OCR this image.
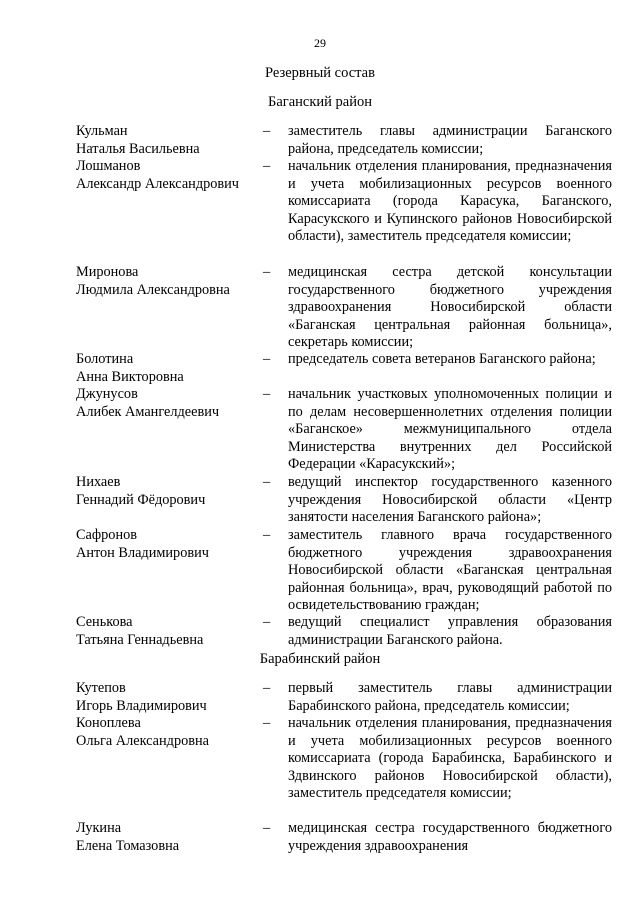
29
Резервный состав
Баганский район
Кульман
Наталья Васильевна
–	заместитель главы администрации Баганского района, председатель комиссии;

Лошманов
Александр Александрович
–	начальник отделения планирования, предназначения и учета мобилизационных ресурсов военного комиссариата (города Карасука, Баганского, Карасукского и Купинского районов Новосибирской области), заместитель председателя комиссии;

Миронова
Людмила Александровна
–	медицинская сестра детской консультации государственного бюджетного учреждения здравоохранения Новосибирской области «Баганская центральная районная больница», секретарь комиссии;

Болотина
Анна Викторовна
–	председатель совета ветеранов Баганского района;

Джунусов
Алибек Амангелдеевич
–	начальник участковых уполномоченных полиции и по делам несовершеннолетних отделения полиции «Баганское» межмуниципального отдела Министерства внутренних дел Российской Федерации «Карасукский»;

Нихаев
Геннадий Фёдорович
–	ведущий инспектор государственного казенного учреждения Новосибирской области «Центр занятости населения Баганского района»;

Сафронов
Антон Владимирович
–	заместитель главного врача государственного бюджетного учреждения здравоохранения Новосибирской области «Баганская центральная районная больница», врач, руководящий работой по освидетельствованию граждан;

Сенькова
Татьяна Геннадьевна
–	ведущий специалист управления образования администрации Баганского района.

Барабинский район
Кутепов
Игорь Владимирович
–	первый заместитель главы администрации Барабинского района, председатель комиссии;

Коноплева
Ольга Александровна
–	начальник отделения планирования, предназначения и учета мобилизационных ресурсов военного комиссариата (города Барабинска, Барабинского и Здвинского районов Новосибирской области), заместитель председателя комиссии;

Лукина
Елена Томазовна
–	медицинская сестра государственного бюджетного учреждения здравоохранения
